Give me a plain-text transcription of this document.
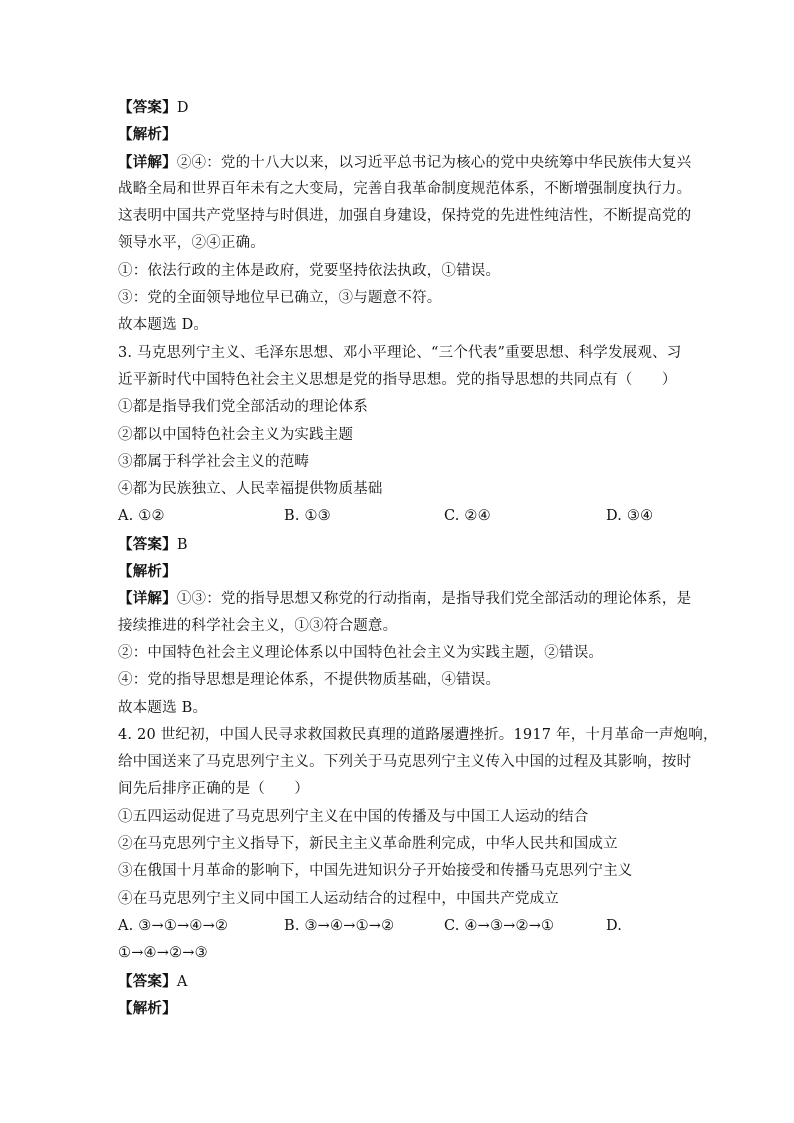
【答案】D
【解析】
【详解】②④：党的十八大以来，以习近平总书记为核心的党中央统筹中华民族伟大复兴
战略全局和世界百年未有之大变局，完善自我革命制度规范体系，不断增强制度执行力。
这表明中国共产党坚持与时俱进，加强自身建设，保持党的先进性纯洁性，不断提高党的
领导水平，②④正确。
①：依法行政的主体是政府，党要坚持依法执政，①错误。
③：党的全面领导地位早已确立，③与题意不符。
故本题选 D。
3. 马克思列宁主义、毛泽东思想、邓小平理论、“三个代表”重要思想、科学发展观、习
近平新时代中国特色社会主义思想是党的指导思想。党的指导思想的共同点有（　　）
①都是指导我们党全部活动的理论体系
②都以中国特色社会主义为实践主题
③都属于科学社会主义的范畴
④都为民族独立、人民幸福提供物质基础
A. ①②	B. ①③	C. ②④	D. ③④
【答案】B
【解析】
【详解】①③：党的指导思想又称党的行动指南，是指导我们党全部活动的理论体系，是
接续推进的科学社会主义，①③符合题意。
②：中国特色社会主义理论体系以中国特色社会主义为实践主题，②错误。
④：党的指导思想是理论体系，不提供物质基础，④错误。
故本题选 B。
4. 20 世纪初，中国人民寻求救国救民真理的道路屡遭挫折。1917 年，十月革命一声炮响，
给中国送来了马克思列宁主义。下列关于马克思列宁主义传入中国的过程及其影响，按时
间先后排序正确的是（　　）
①五四运动促进了马克思列宁主义在中国的传播及与中国工人运动的结合
②在马克思列宁主义指导下，新民主主义革命胜利完成，中华人民共和国成立
③在俄国十月革命的影响下，中国先进知识分子开始接受和传播马克思列宁主义
④在马克思列宁主义同中国工人运动结合的过程中，中国共产党成立
A. ③→①→④→②	B. ③→④→①→②	C. ④→③→②→①	D.
①→④→②→③
【答案】A
【解析】
